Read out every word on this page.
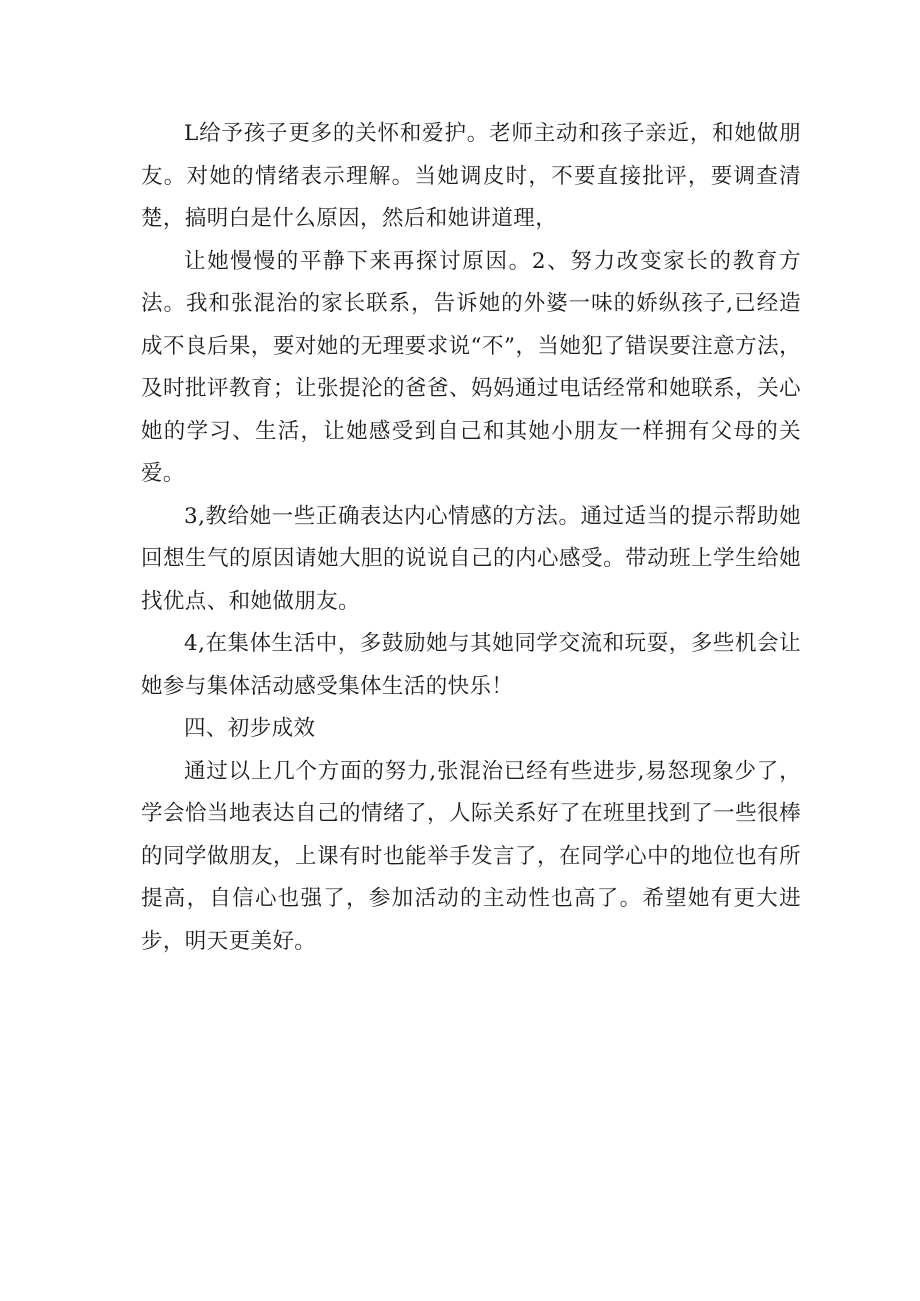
L给予孩子更多的关怀和爱护。老师主动和孩子亲近，和她做朋友。对她的情绪表示理解。当她调皮时，不要直接批评，要调查清楚，搞明白是什么原因，然后和她讲道理，

让她慢慢的平静下来再探讨原因。2、努力改变家长的教育方法。我和张混治的家长联系，告诉她的外婆一味的娇纵孩子,已经造成不良后果，要对她的无理要求说“不”，当她犯了错误要注意方法，及时批评教育；让张提沦的爸爸、妈妈通过电话经常和她联系，关心她的学习、生活，让她感受到自己和其她小朋友一样拥有父母的关爱。

3,教给她一些正确表达内心情感的方法。通过适当的提示帮助她回想生气的原因请她大胆的说说自己的内心感受。带动班上学生给她找优点、和她做朋友。

4,在集体生活中，多鼓励她与其她同学交流和玩耍，多些机会让她参与集体活动感受集体生活的快乐！

四、初步成效

通过以上几个方面的努力,张混治已经有些进步,易怒现象少了，学会恰当地表达自己的情绪了，人际关系好了在班里找到了一些很棒的同学做朋友，上课有时也能举手发言了，在同学心中的地位也有所提高，自信心也强了，参加活动的主动性也高了。希望她有更大进步，明天更美好。
